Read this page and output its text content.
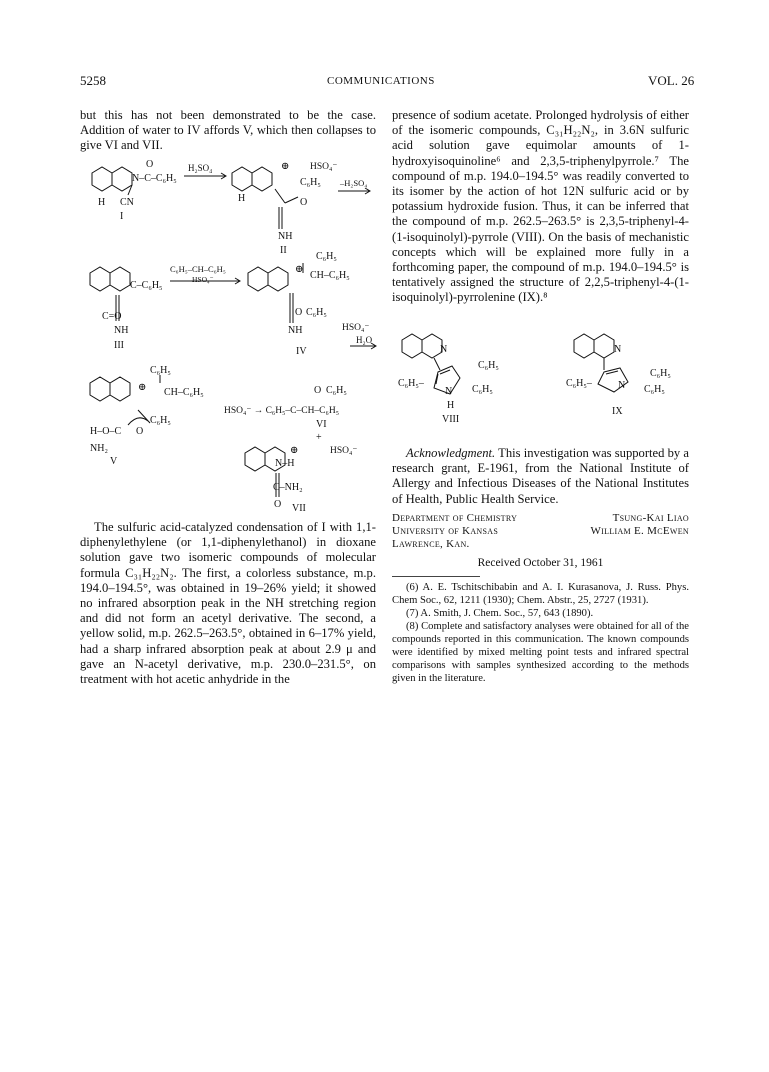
5258	COMMUNICATIONS	VOL. 26

but this has not been demonstrated to be the case. Addition of water to IV affords V, which then collapses to give VI and VII.

O
N–C–C₆H₅
H CN
I
H₂SO₄	⊕ HSO₄⁻
C₆H₅
H	O
–H₂SO₄
NH
II
C₆H₅–CH–C₆H₅
HSO₄⁻
C–C₆H₅
C=O
NH
III
C₆H₅
⊕
CH–C₆H₅
O C₆H₅
HSO₄⁻
NH
H₂O
IV
C₆H₅
⊕ CH–C₆H₅
HSO₄⁻ → C₆H₅–C–CH–C₆H₅
O C₆H₅
C₆H₅	VI
H–O–C O
+
NH₂
V
⊕	HSO₄⁻
N–H
C–NH₂
O VII

The sulfuric acid-catalyzed condensation of I with 1,1-diphenylethylene (or 1,1-diphenylethanol) in dioxane solution gave two isomeric compounds of molecular formula C₃₁H₂₂N₂. The first, a colorless substance, m.p. 194.0–194.5°, was obtained in 19–26% yield; it showed no infrared absorption peak in the NH stretching region and did not form an acetyl derivative. The second, a yellow solid, m.p. 262.5–263.5°, obtained in 6–17% yield, had a sharp infrared absorption peak at about 2.9 μ and gave an N-acetyl derivative, m.p. 230.0–231.5°, on treatment with hot acetic anhydride in the

presence of sodium acetate. Prolonged hydrolysis of either of the isomeric compounds, C₃₁H₂₂N₂, in 3.6N sulfuric acid solution gave equimolar amounts of 1-hydroxyisoquinoline⁶ and 2,3,5-triphenylpyrrole.⁷ The compound of m.p. 194.0–194.5° was readily converted to its isomer by the action of hot 12N sulfuric acid or by potassium hydroxide fusion. Thus, it can be inferred that the compound of m.p. 262.5–263.5° is 2,3,5-triphenyl-4-(1-isoquinolyl)-pyrrole (VIII). On the basis of mechanistic concepts which will be explained more fully in a forthcoming paper, the compound of m.p. 194.0–194.5° is tentatively assigned the structure of 2,2,5-triphenyl-4-(1-isoquinolyl)-pyrrolenine (IX).⁸

N
C₆H₅
C₆H₅–
C₆H₅
N
H
VIII
N
C₆H₅
C₆H₅–
C₆H₅
N
IX

Acknowledgment. This investigation was supported by a research grant, E-1961, from the National Institute of Allergy and Infectious Diseases of the National Institutes of Health, Public Health Service.

Department of Chemistry
University of Kansas
Lawrence, Kan.
Tsung-Kai Liao
William E. McEwen
Received October 31, 1961

(6) A. E. Tschitschibabin and A. I. Kurasanova, J. Russ. Phys. Chem Soc., 62, 1211 (1930); Chem. Abstr., 25, 2727 (1931).

(7) A. Smith, J. Chem. Soc., 57, 643 (1890).

(8) Complete and satisfactory analyses were obtained for all of the compounds reported in this communication. The known compounds were identified by mixed melting point tests and infrared spectral comparisons with samples synthesized according to the methods given in the literature.
